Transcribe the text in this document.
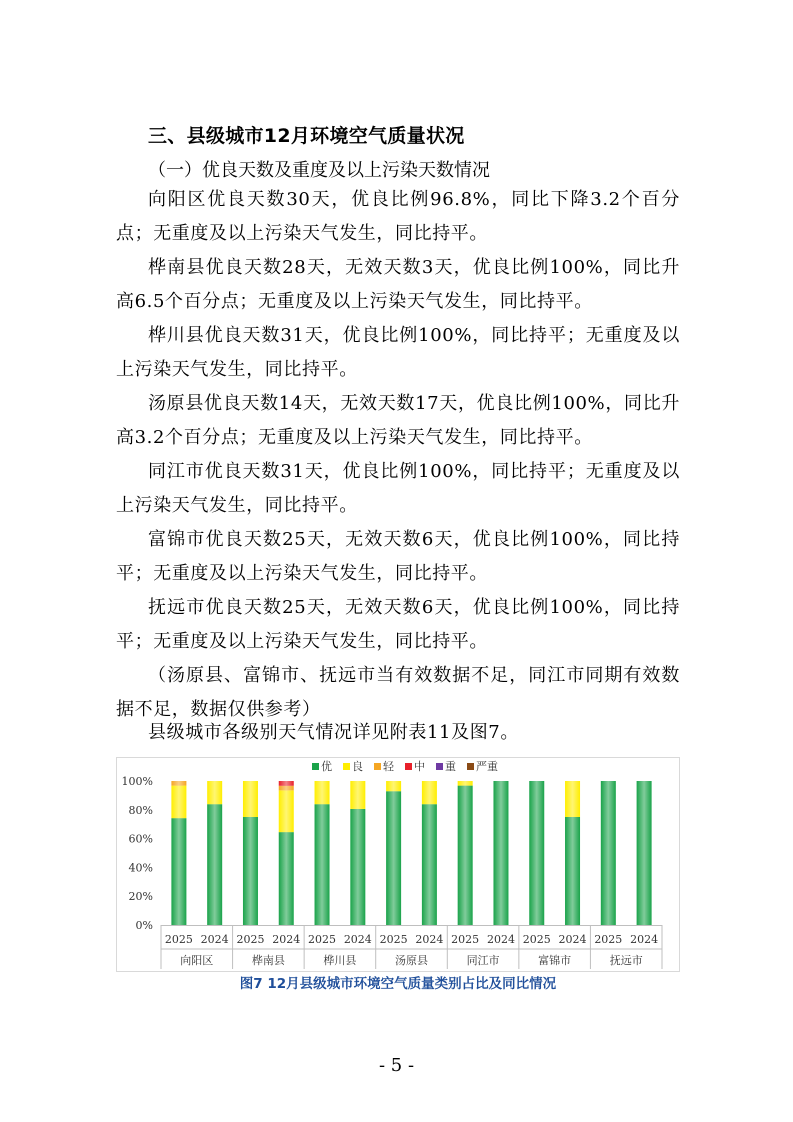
三、县级城市12月环境空气质量状况
（一）优良天数及重度及以上污染天数情况
向阳区优良天数30天，优良比例96.8%，同比下降3.2个百分点；无重度及以上污染天气发生，同比持平。
桦南县优良天数28天，无效天数3天，优良比例100%，同比升高6.5个百分点；无重度及以上污染天气发生，同比持平。
桦川县优良天数31天，优良比例100%，同比持平；无重度及以上污染天气发生，同比持平。
汤原县优良天数14天，无效天数17天，优良比例100%，同比升高3.2个百分点；无重度及以上污染天气发生，同比持平。
同江市优良天数31天，优良比例100%，同比持平；无重度及以上污染天气发生，同比持平。
富锦市优良天数25天，无效天数6天，优良比例100%，同比持平；无重度及以上污染天气发生，同比持平。
抚远市优良天数25天，无效天数6天，优良比例100%，同比持平；无重度及以上污染天气发生，同比持平。
（汤原县、富锦市、抚远市当有效数据不足，同江市同期有效数据不足，数据仅供参考）
县级城市各级别天气情况详见附表11及图7。
0%
20%
40%
60%
80%
100%
2025 2024
向阳区
2025 2024
桦南县
2025 2024
桦川县
2025 2024
汤原县
2025 2024
同江市
2025 2024
富锦市
2025 2024
抚远市
优 良 轻 中 重 严重
图7 12月县级城市环境空气质量类别占比及同比情况
- 5 -
